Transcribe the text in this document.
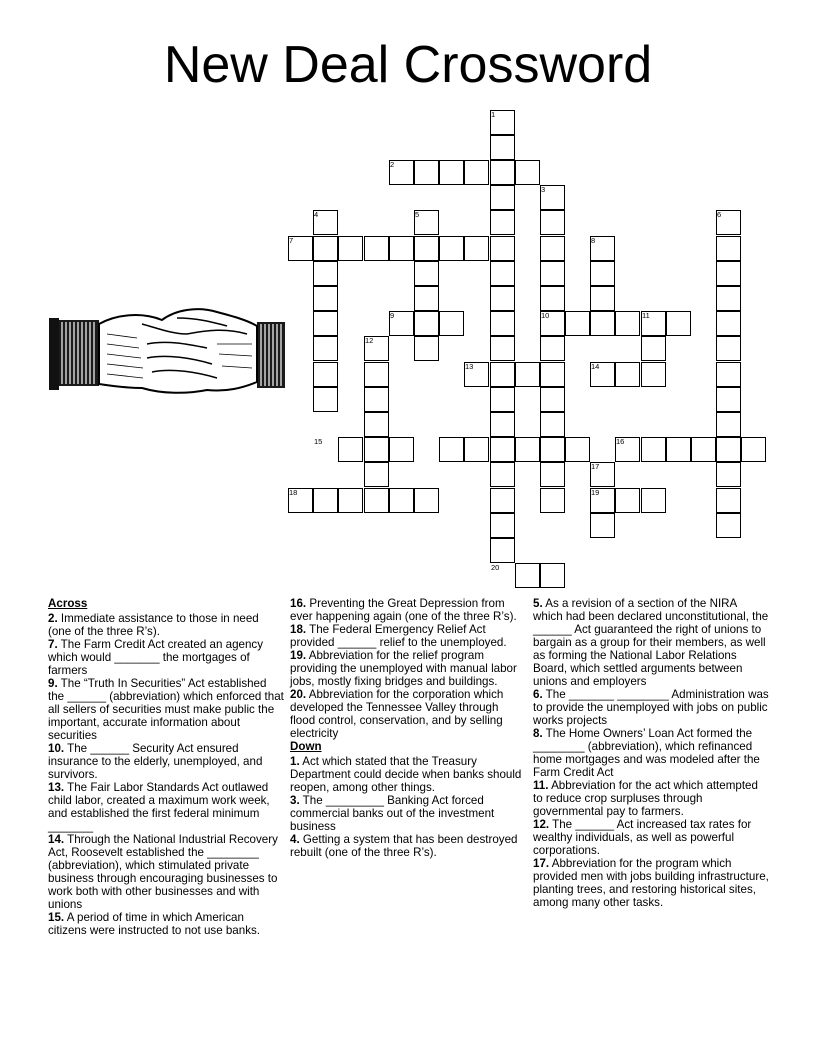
New Deal Crossword
1
2
3
4	5	6
7	8
9	10	11
12
13	14
15	16
17
18	19
20
Across
2. Immediate assistance to those in need (one of the three R’s).
7. The Farm Credit Act created an agency which would _______ the mortgages of farmers
9. The “Truth In Securities” Act established the ______ (abbreviation) which enforced that all sellers of securities must make public the important, accurate information about securities
10. The ______ Security Act ensured insurance to the elderly, unemployed, and survivors.
13. The Fair Labor Standards Act outlawed child labor, created a maximum work week, and established the first federal minimum _______
14. Through the National Industrial Recovery Act, Roosevelt established the ________ (abbreviation), which stimulated private business through encouraging businesses to work both with other businesses and with unions
15. A period of time in which American citizens were instructed to not use banks.
16. Preventing the Great Depression from ever happening again (one of the three R’s).
18. The Federal Emergency Relief Act provided ______ relief to the unemployed.
19. Abbreviation for the relief program providing the unemployed with manual labor jobs, mostly fixing bridges and buildings.
20. Abbreviation for the corporation which developed the Tennessee Valley through flood control, conservation, and by selling electricity
Down
1. Act which stated that the Treasury Department could decide when banks should reopen, among other things.
3. The _________ Banking Act forced commercial banks out of the investment business
4. Getting a system that has been destroyed rebuilt (one of the three R’s).
5. As a revision of a section of the NIRA which had been declared unconstitutional, the ______ Act guaranteed the right of unions to bargain as a group for their members, as well as forming the National Labor Relations Board, which settled arguments between unions and employers
6. The _______ ________ Administration was to provide the unemployed with jobs on public works projects
8. The Home Owners’ Loan Act formed the ________ (abbreviation), which refinanced home mortgages and was modeled after the Farm Credit Act
11. Abbreviation for the act which attempted to reduce crop surpluses through governmental pay to farmers.
12. The ______ Act increased tax rates for wealthy individuals, as well as powerful corporations.
17. Abbreviation for the program which provided men with jobs building infrastructure, planting trees, and restoring historical sites, among many other tasks.
